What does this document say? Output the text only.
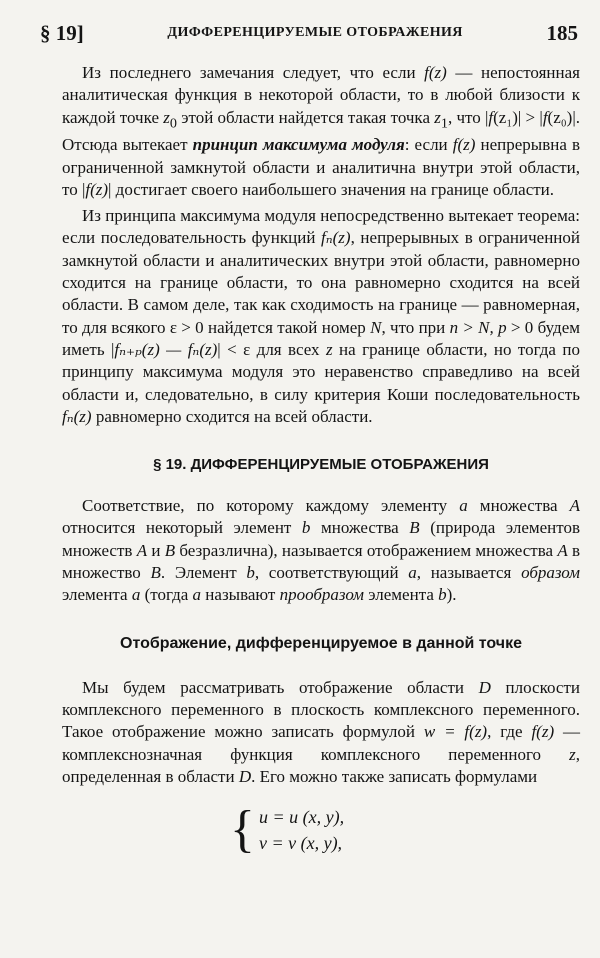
§ 19]	ДИФФЕРЕНЦИРУЕМЫЕ ОТОБРАЖЕНИЯ	185

Из последнего замечания следует, что если f(z) — непостоянная аналитическая функция в некоторой области, то в любой близости к каждой точке $z_0$ этой области найдется такая точка $z_1$, что |f(z₁)| > |f(z₀)|. Отсюда вытекает принцип максимума модуля: если f(z) непрерывна в ограниченной замкнутой области и аналитична внутри этой области, то |f(z)| достигает своего наибольшего значения на границе области.

Из принципа максимума модуля непосредственно вытекает теорема: если последовательность функций fₙ(z), непрерывных в ограниченной замкнутой области и аналитических внутри этой области, равномерно сходится на границе области, то она равномерно сходится на всей области. В самом деле, так как сходимость на границе — равномерная, то для всякого ε > 0 найдется такой номер N, что при n > N, p > 0 будем иметь |fₙ₊ₚ(z) — fₙ(z)| < ε для всех z на границе области, но тогда по принципу максимума модуля это неравенство справедливо на всей области и, следовательно, в силу критерия Коши последовательность fₙ(z) равномерно сходится на всей области.

§ 19. ДИФФЕРЕНЦИРУЕМЫЕ ОТОБРАЖЕНИЯ

Соответствие, по которому каждому элементу a множества A относится некоторый элемент b множества B (природа элементов множеств A и B безразлична), называется отображением множества A в множество B. Элемент b, соответствующий a, называется образом элемента a (тогда a называют прообразом элемента b).

Отображение, дифференцируемое в данной точке

Мы будем рассматривать отображение области D плоскости комплексного переменного в плоскость комплексного переменного. Такое отображение можно записать формулой w = f(z), где f(z) — комплекснозначная функция комплексного переменного z, определенная в области D. Его можно также записать формулами

{ u = u (x, y),
v = v (x, y),
